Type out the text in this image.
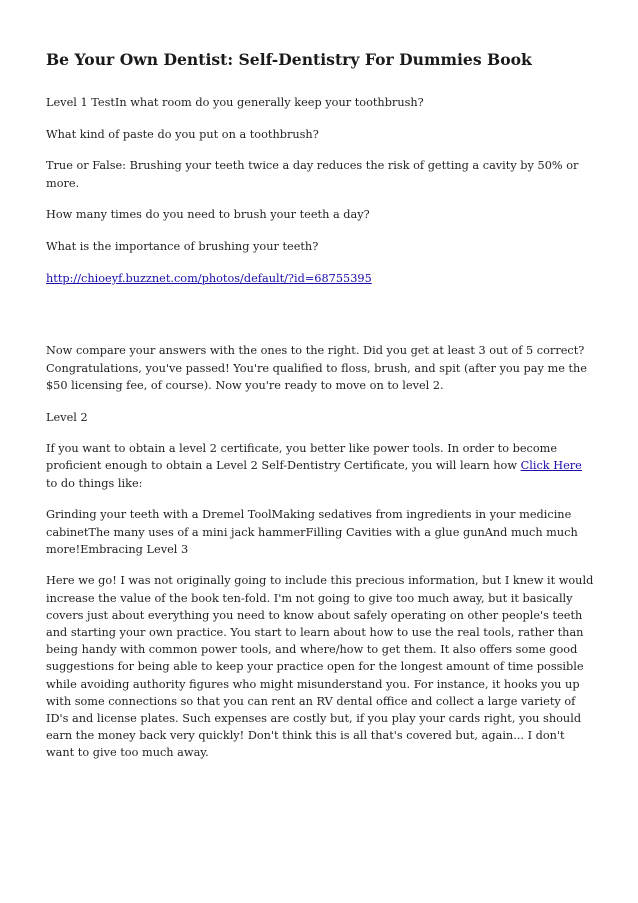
Be Your Own Dentist: Self-Dentistry For Dummies Book

Level 1 TestIn what room do you generally keep your toothbrush?

What kind of paste do you put on a toothbrush?

True or False: Brushing your teeth twice a day reduces the risk of getting a cavity by 50% or more.

How many times do you need to brush your teeth a day?

What is the importance of brushing your teeth?

http://chioeyf.buzznet.com/photos/default/?id=68755395

Now compare your answers with the ones to the right. Did you get at least 3 out of 5 correct? Congratulations, you've passed! You're qualified to floss, brush, and spit (after you pay me the $50 licensing fee, of course). Now you're ready to move on to level 2.

Level 2

If you want to obtain a level 2 certificate, you better like power tools. In order to become proficient enough to obtain a Level 2 Self-Dentistry Certificate, you will learn how Click Here to do things like:

Grinding your teeth with a Dremel ToolMaking sedatives from ingredients in your medicine cabinetThe many uses of a mini jack hammerFilling Cavities with a glue gunAnd much much more!Embracing Level 3

Here we go! I was not originally going to include this precious information, but I knew it would increase the value of the book ten-fold. I'm not going to give too much away, but it basically covers just about everything you need to know about safely operating on other people's teeth and starting your own practice. You start to learn about how to use the real tools, rather than being handy with common power tools, and where/how to get them. It also offers some good suggestions for being able to keep your practice open for the longest amount of time possible while avoiding authority figures who might misunderstand you. For instance, it hooks you up with some connections so that you can rent an RV dental office and collect a large variety of ID's and license plates. Such expenses are costly but, if you play your cards right, you should earn the money back very quickly! Don't think this is all that's covered but, again... I don't want to give too much away.
